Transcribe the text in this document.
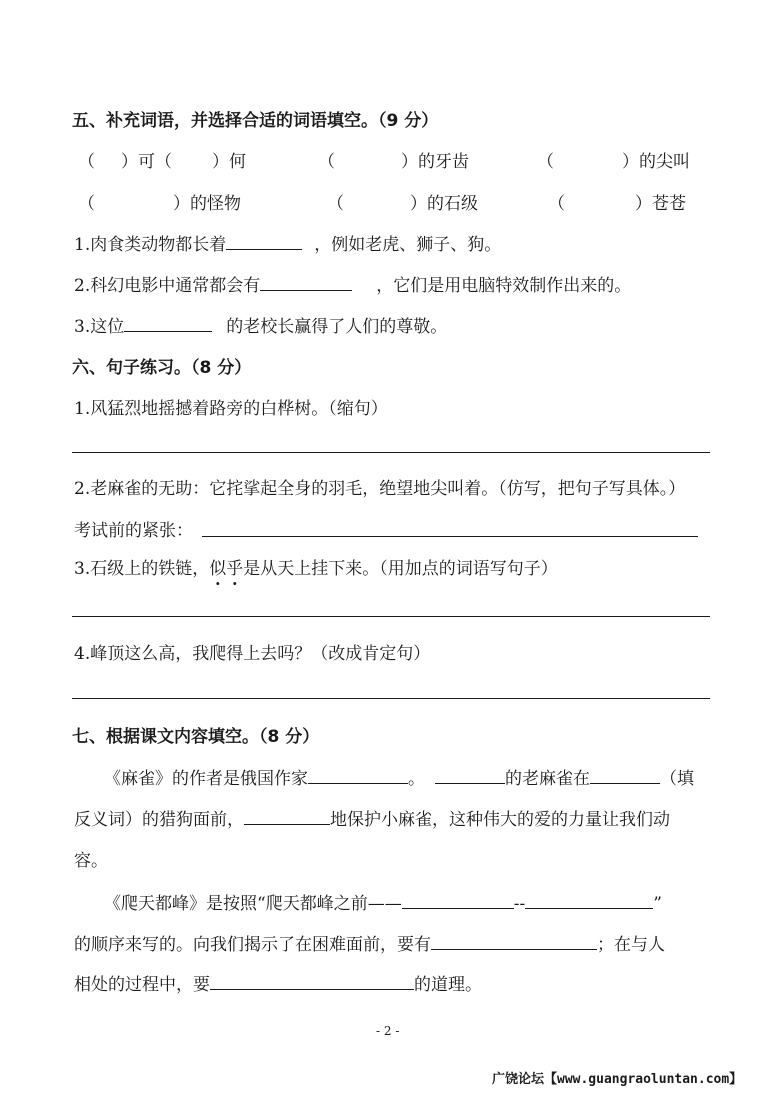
五、补充词语，并选择合适的词语填空。（9 分）
（ ）可（ ）何	（	）的牙齿	（	）的尖叫
（	）的怪物	（	）的石级	（	）苍苍
1.肉食类动物都长着	，例如老虎、狮子、狗。
2.科幻电影中通常都会有	，它们是用电脑特效制作出来的。
3.这位	的老校长赢得了人们的尊敬。
六、句子练习。（8 分）
1.风猛烈地摇撼着路旁的白桦树。（缩句）
2.老麻雀的无助：它挓挲起全身的羽毛，绝望地尖叫着。（仿写，把句子写具体。）
考试前的紧张：
3.石级上的铁链，似乎是从天上挂下来。（用加点的词语写句子）
4.峰顶这么高，我爬得上去吗？（改成肯定句）
七、根据课文内容填空。（8 分）
《麻雀》的作者是俄国作家	。	的老麻雀在	（填
反义词）的猎狗面前，	地保护小麻雀，这种伟大的爱的力量让我们动
容。
《爬天都峰》是按照“爬天都峰之前——	--	”
的顺序来写的。向我们揭示了在困难面前，要有	；在与人
相处的过程中，要	的道理。
- 2 -
广饶论坛【www.guangraoluntan.com】
